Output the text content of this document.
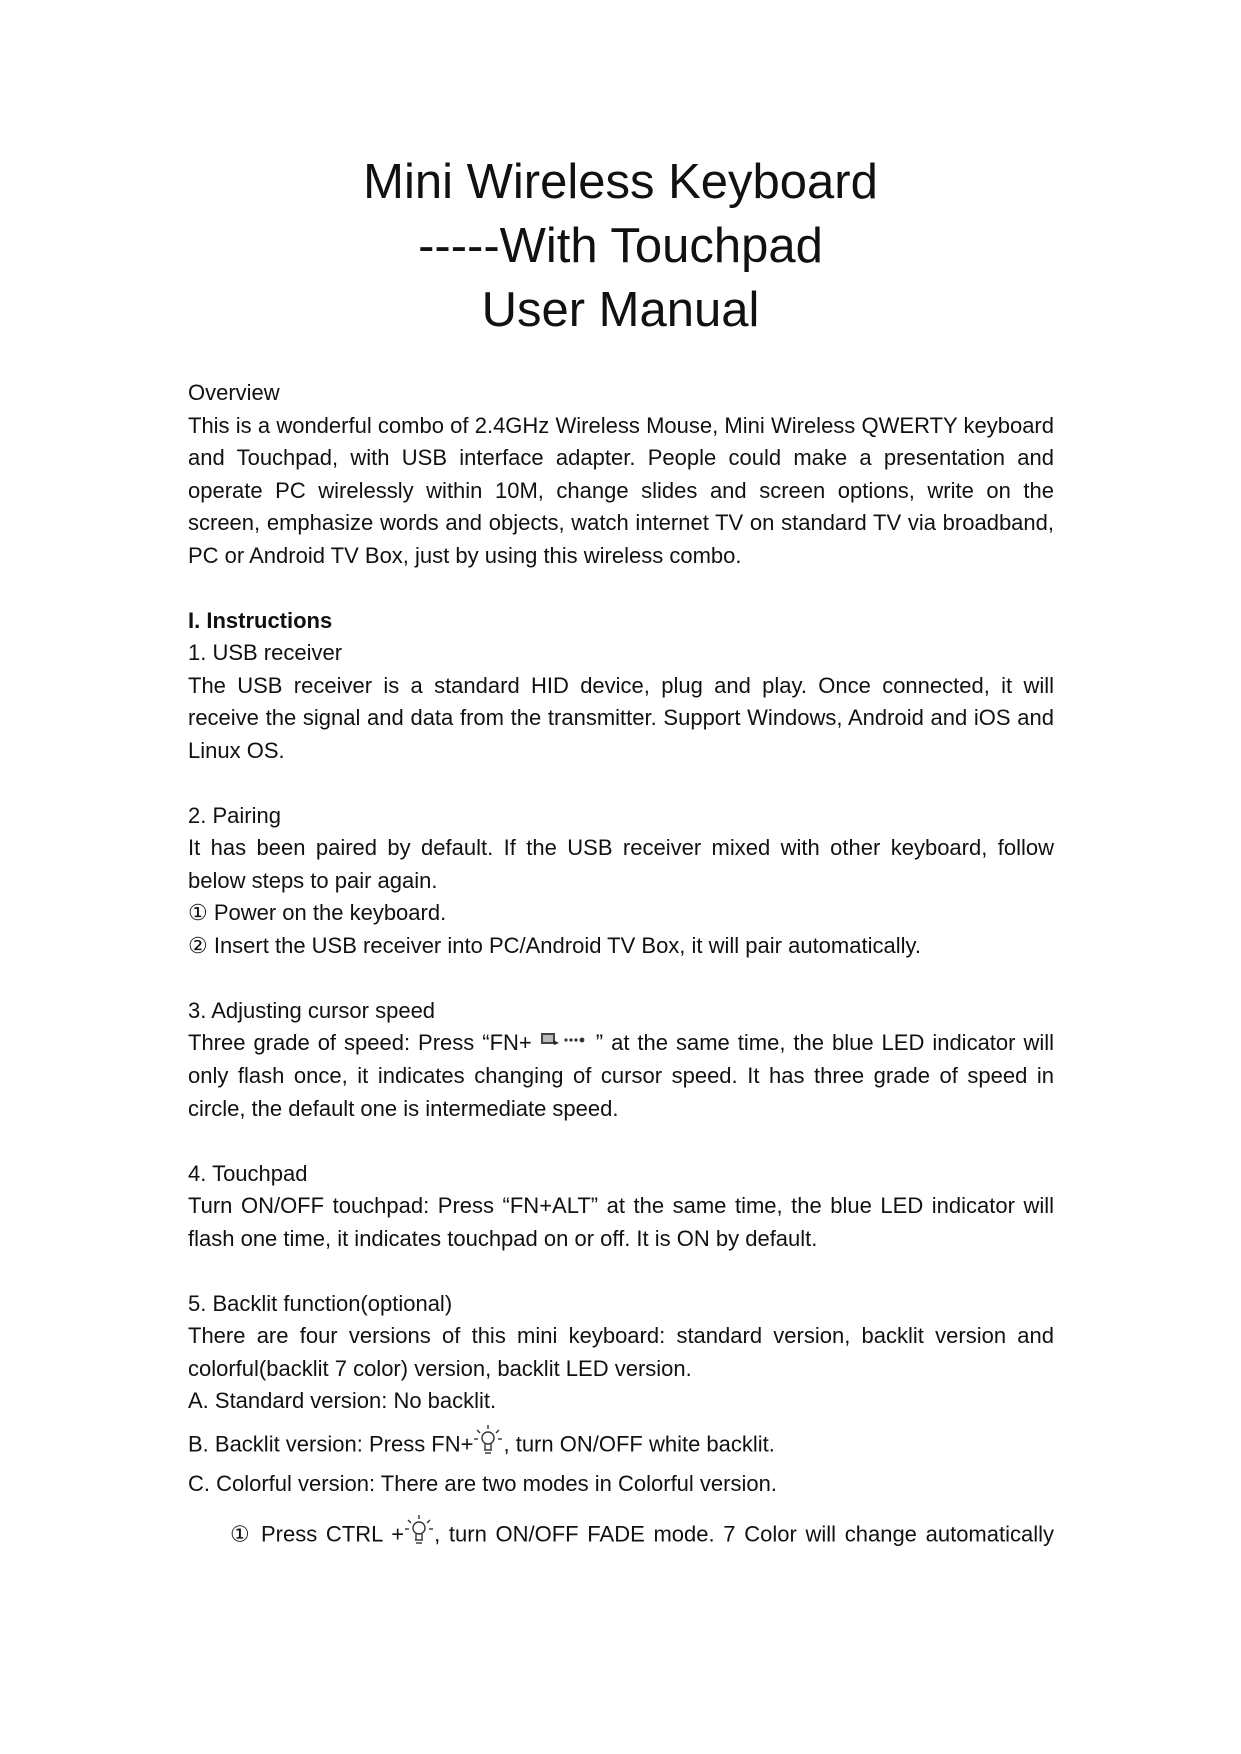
Mini Wireless Keyboard
-----With Touchpad
User Manual

Overview

This is a wonderful combo of 2.4GHz Wireless Mouse, Mini Wireless QWERTY keyboard and Touchpad, with USB interface adapter. People could make a presentation and operate PC wirelessly within 10M, change slides and screen options, write on the screen, emphasize words and objects, watch internet TV on standard TV via broadband, PC or Android TV Box, just by using this wireless combo.

I. Instructions

1. USB receiver

The USB receiver is a standard HID device, plug and play. Once connected, it will receive the signal and data from the transmitter. Support Windows, Android and iOS and Linux OS.

2. Pairing

It has been paired by default. If the USB receiver mixed with other keyboard, follow below steps to pair again.

① Power on the keyboard.

② Insert the USB receiver into PC/Android TV Box, it will pair automatically.

3. Adjusting cursor speed

Three grade of speed: Press “FN+	” at the same time, the blue LED indicator will only flash once, it indicates changing of cursor speed. It has three grade of speed in circle, the default one is intermediate speed.

4. Touchpad

Turn ON/OFF touchpad: Press “FN+ALT” at the same time, the blue LED indicator will flash one time, it indicates touchpad on or off. It is ON by default.

5. Backlit function(optional)

There are four versions of this mini keyboard: standard version, backlit version and colorful(backlit 7 color) version, backlit LED version.

A. Standard version: No backlit.

B. Backlit version: Press FN+ , turn ON/OFF white backlit.

C. Colorful version: There are two modes in Colorful version.

① Press CTRL + , turn ON/OFF FADE mode. 7 Color will change automatically
